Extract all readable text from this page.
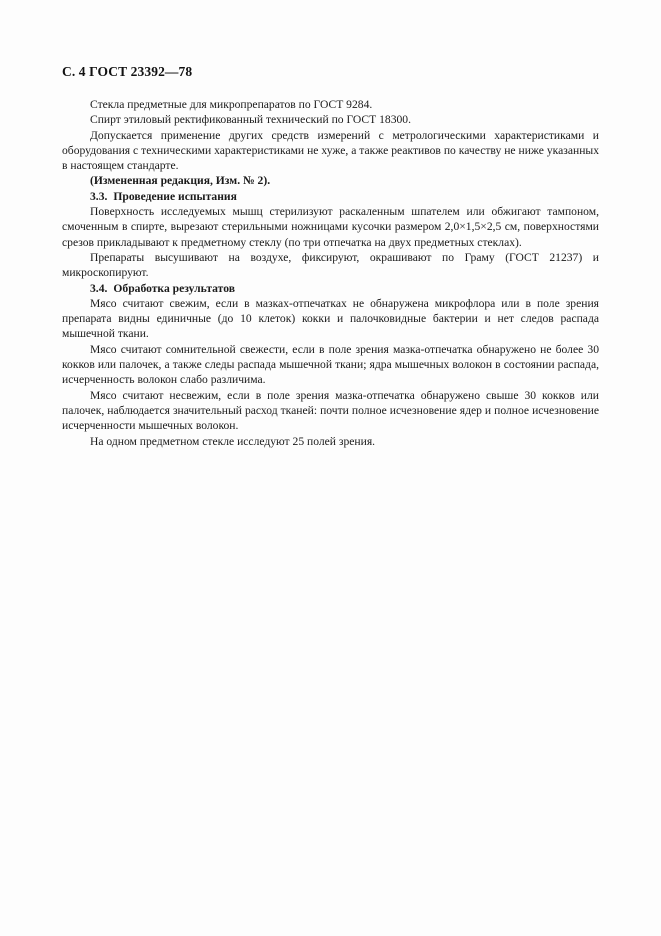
С. 4 ГОСТ 23392—78

Стекла предметные для микропрепаратов по ГОСТ 9284.

Спирт этиловый ректификованный технический по ГОСТ 18300.

Допускается применение других средств измерений с метрологическими характеристиками и оборудования с техническими характеристиками не хуже, а также реактивов по качеству не ниже указанных в настоящем стандарте.

(Измененная редакция, Изм. № 2).

3.3. Проведение испытания

Поверхность исследуемых мышц стерилизуют раскаленным шпателем или обжигают тампоном, смоченным в спирте, вырезают стерильными ножницами кусочки размером 2,0×1,5×2,5 см, поверхностями срезов прикладывают к предметному стеклу (по три отпечатка на двух предметных стеклах).

Препараты высушивают на воздухе, фиксируют, окрашивают по Граму (ГОСТ 21237) и микроскопируют.

3.4. Обработка результатов

Мясо считают свежим, если в мазках-отпечатках не обнаружена микрофлора или в поле зрения препарата видны единичные (до 10 клеток) кокки и палочковидные бактерии и нет следов распада мышечной ткани.

Мясо считают сомнительной свежести, если в поле зрения мазка-отпечатка обнаружено не более 30 кокков или палочек, а также следы распада мышечной ткани; ядра мышечных волокон в состоянии распада, исчерченность волокон слабо различима.

Мясо считают несвежим, если в поле зрения мазка-отпечатка обнаружено свыше 30 кокков или палочек, наблюдается значительный расход тканей: почти полное исчезновение ядер и полное исчезновение исчерченности мышечных волокон.

На одном предметном стекле исследуют 25 полей зрения.
